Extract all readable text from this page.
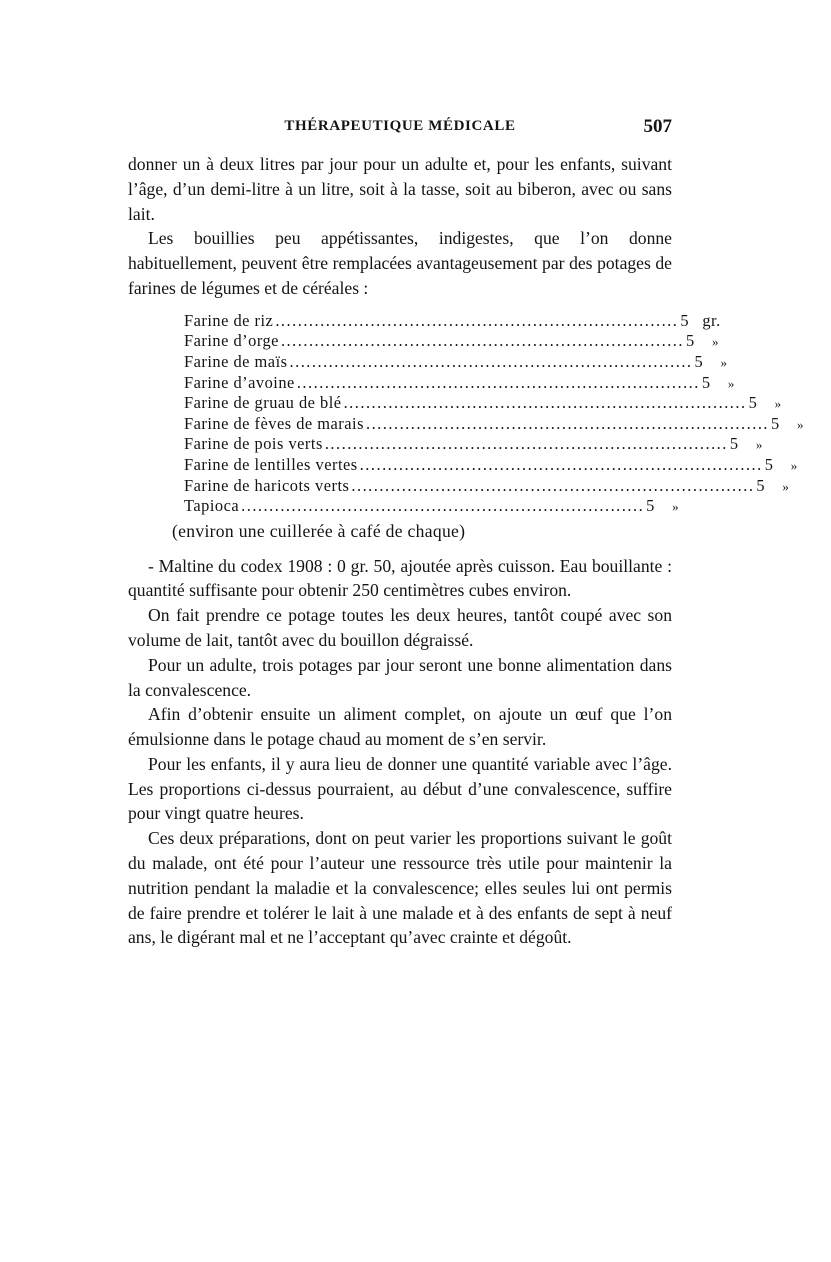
THÉRAPEUTIQUE MÉDICALE	507

donner un à deux litres par jour pour un adulte et, pour les enfants, suivant l’âge, d’un demi-litre à un litre, soit à la tasse, soit au biberon, avec ou sans lait.

Les bouillies peu appétissantes, indigestes, que l’on donne habituellement, peuvent être remplacées avantageusement par des potages de farines de légumes et de céréales :

Farine de riz ........................................................................ 5 gr.
Farine d’orge ........................................................................ 5 »
Farine de maïs ........................................................................ 5 »
Farine d’avoine ........................................................................ 5 »
Farine de gruau de blé ........................................................................ 5 »
Farine de fèves de marais ........................................................................ 5 »
Farine de pois verts ........................................................................ 5 »
Farine de lentilles vertes ........................................................................ 5 »
Farine de haricots verts ........................................................................ 5 »
Tapioca ........................................................................ 5 »
(environ une cuillerée à café de chaque)

- Maltine du codex 1908 : 0 gr. 50, ajoutée après cuisson. Eau bouillante : quantité suffisante pour obtenir 250 centimètres cubes environ.

On fait prendre ce potage toutes les deux heures, tantôt coupé avec son volume de lait, tantôt avec du bouillon dégraissé.

Pour un adulte, trois potages par jour seront une bonne alimentation dans la convalescence.

Afin d’obtenir ensuite un aliment complet, on ajoute un œuf que l’on émulsionne dans le potage chaud au moment de s’en servir.

Pour les enfants, il y aura lieu de donner une quantité variable avec l’âge. Les proportions ci-dessus pourraient, au début d’une convalescence, suffire pour vingt quatre heures.

Ces deux préparations, dont on peut varier les proportions suivant le goût du malade, ont été pour l’auteur une ressource très utile pour maintenir la nutrition pendant la maladie et la convalescence; elles seules lui ont permis de faire prendre et tolérer le lait à une malade et à des enfants de sept à neuf ans, le digérant mal et ne l’acceptant qu’avec crainte et dégoût.
